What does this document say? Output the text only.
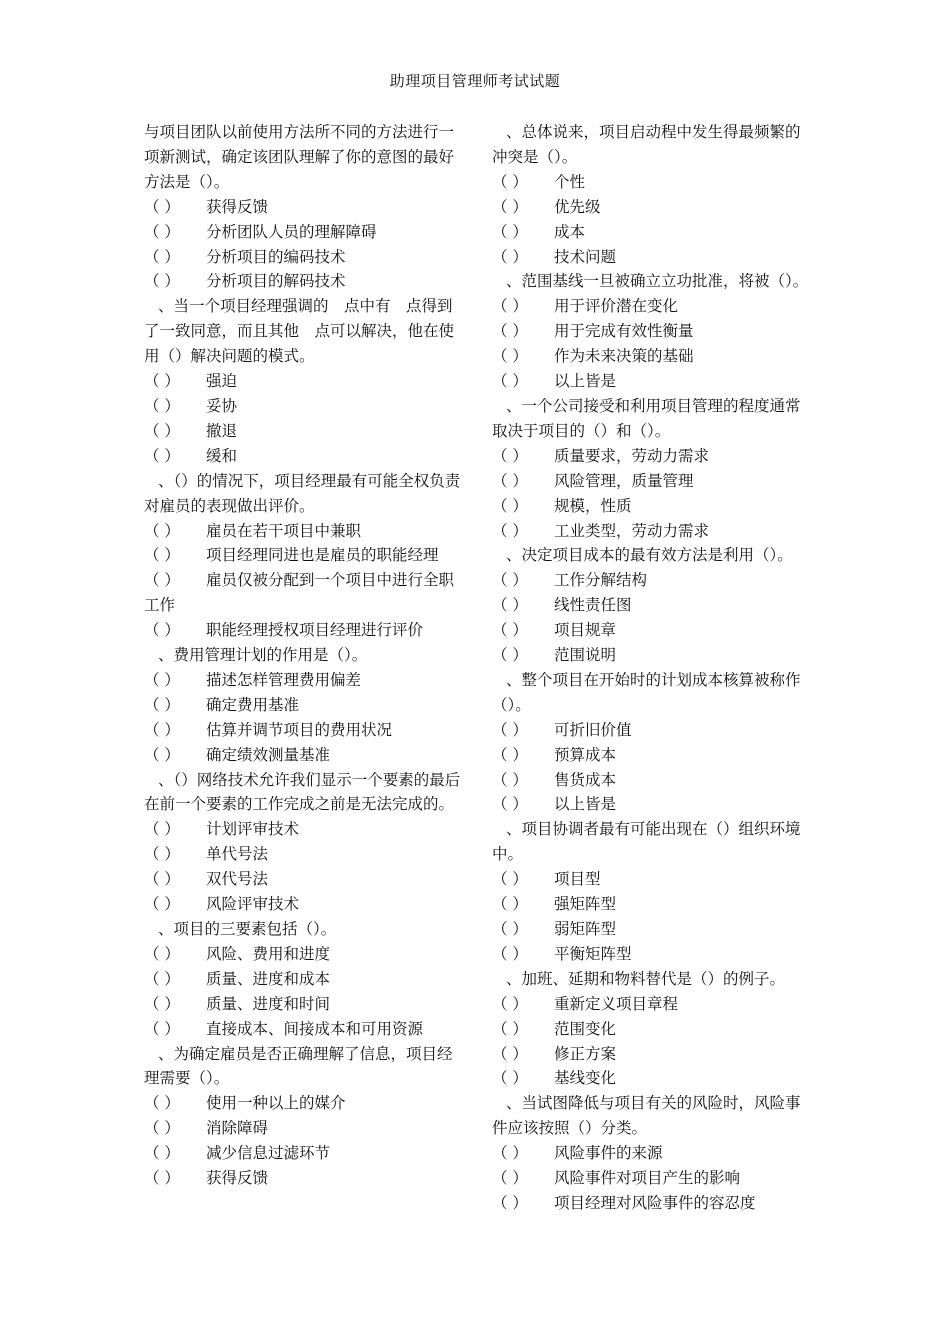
助理项目管理师考试试题
与项目团队以前使用方法所不同的方法进行一项新测试，确定该团队理解了你的意图的最好方法是（）。
（ ）	获得反馈
（ ）	分析团队人员的理解障碍
（ ）	分析项目的编码技术
（ ）	分析项目的解码技术
、当一个项目经理强调的　点中有　点得到了一致同意，而且其他　点可以解决，他在使用（）解决问题的模式。
（ ）	强迫
（ ）	妥协
（ ）	撤退
（ ）	缓和
、（）的情况下，项目经理最有可能全权负责对雇员的表现做出评价。
（ ）	雇员在若干项目中兼职
（ ）	项目经理同进也是雇员的职能经理
（ ） 雇员仅被分配到一个项目中进行全职工作
（ ）	职能经理授权项目经理进行评价
、费用管理计划的作用是（）。
（ ）	描述怎样管理费用偏差
（ ）	确定费用基准
（ ）	估算并调节项目的费用状况
（ ）	确定绩效测量基准
、（）网络技术允许我们显示一个要素的最后　　在前一个要素的工作完成之前是无法完成的。
（ ）	计划评审技术
（ ）	单代号法
（ ）	双代号法
（ ）	风险评审技术
、项目的三要素包括（）。
（ ）	风险、费用和进度
（ ）	质量、进度和成本
（ ）	质量、进度和时间
（ ）	直接成本、间接成本和可用资源
、为确定雇员是否正确理解了信息，项目经理需要（）。
（ ）	使用一种以上的媒介
（ ）	消除障碍
（ ）	减少信息过滤环节
（ ）	获得反馈
、总体说来，项目启动程中发生得最频繁的冲突是（）。
（ ）	个性
（ ）	优先级
（ ）	成本
（ ）	技术问题
、范围基线一旦被确立立功批准，将被（）。
（ ）	用于评价潜在变化
（ ）	用于完成有效性衡量
（ ）	作为未来决策的基础
（ ）	以上皆是
、一个公司接受和利用项目管理的程度通常取决于项目的（）和（）。
（ ）	质量要求，劳动力需求
（ ）	风险管理，质量管理
（ ）	规模，性质
（ ）	工业类型，劳动力需求
、决定项目成本的最有效方法是利用（）。
（ ）	工作分解结构
（ ）	线性责任图
（ ）	项目规章
（ ）	范围说明
、整个项目在开始时的计划成本核算被称作（）。
（ ）	可折旧价值
（ ）	预算成本
（ ）	售货成本
（ ）	以上皆是
、项目协调者最有可能出现在（）组织环境中。
（ ）	项目型
（ ）	强矩阵型
（ ）	弱矩阵型
（ ）	平衡矩阵型
、加班、延期和物料替代是（）的例子。
（ ）	重新定义项目章程
（ ）	范围变化
（ ）	修正方案
（ ）	基线变化
、当试图降低与项目有关的风险时，风险事件应该按照（）分类。
（ ）	风险事件的来源
（ ）	风险事件对项目产生的影响
（ ）	项目经理对风险事件的容忍度
